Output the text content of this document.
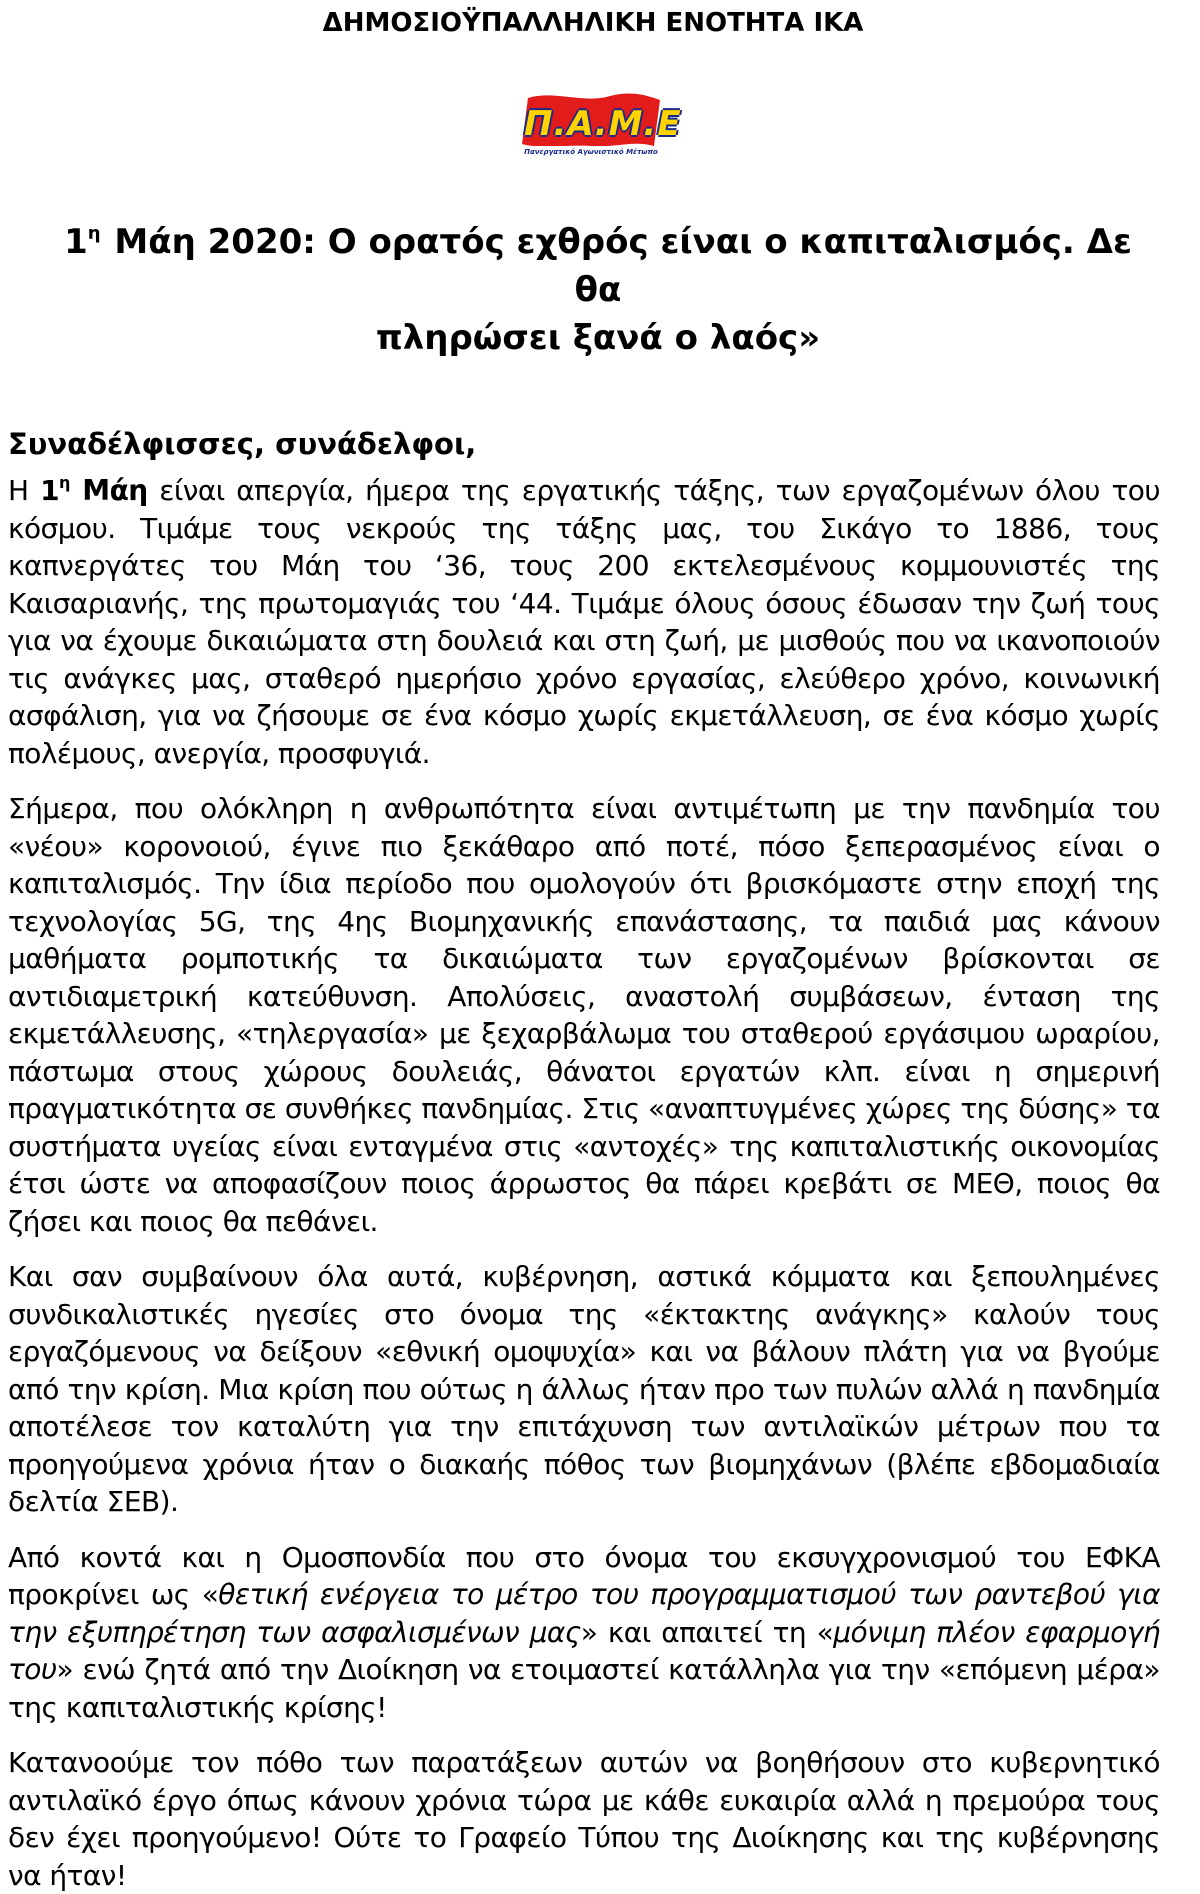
ΔΗΜΟΣΙΟΫΠΑΛΛΗΛΙΚΗ ΕΝΟΤΗΤΑ ΙΚΑ
Π.Α.Μ.Ε
Πανεργατικό Αγωνιστικό Μέτωπο
$1^\eta$ Μάη 2020: Ο ορατός εχθρός είναι ο καπιταλισμός. Δε θα
πληρώσει ξανά ο λαός»
Συναδέλφισσες, συνάδελφοι,

Η $1^\eta$ Μάη είναι απεργία, ήμερα της εργατικής τάξης, των εργαζομένων όλου του κόσμου. Τιμάμε τους νεκρούς της τάξης μας, του Σικάγο το 1886, τους καπνεργάτες του Μάη του ‘36, τους 200 εκτελεσμένους κομμουνιστές της Καισαριανής, της πρωτομαγιάς του ‘44. Τιμάμε όλους όσους έδωσαν την ζωή τους για να έχουμε δικαιώματα στη δουλειά και στη ζωή, με μισθούς που να ικανοποιούν τις ανάγκες μας, σταθερό ημερήσιο χρόνο εργασίας, ελεύθερο χρόνο, κοινωνική ασφάλιση, για να ζήσουμε σε ένα κόσμο χωρίς εκμετάλλευση, σε ένα κόσμο χωρίς πολέμους, ανεργία, προσφυγιά.

Σήμερα, που ολόκληρη η ανθρωπότητα είναι αντιμέτωπη με την πανδημία του «νέου» κορονοιού, έγινε πιο ξεκάθαρο από ποτέ, πόσο ξεπερασμένος είναι ο καπιταλισμός. Την ίδια περίοδο που ομολογούν ότι βρισκόμαστε στην εποχή της τεχνολογίας 5G, της 4ης Βιομηχανικής επανάστασης, τα παιδιά μας κάνουν μαθήματα ρομποτικής τα δικαιώματα των εργαζομένων βρίσκονται σε αντιδιαμετρική κατεύθυνση. Απολύσεις, αναστολή συμβάσεων, ένταση της εκμετάλλευσης, «τηλεργασία» με ξεχαρβάλωμα του σταθερού εργάσιμου ωραρίου, πάστωμα στους χώρους δουλειάς, θάνατοι εργατών κλπ. είναι η σημερινή πραγματικότητα σε συνθήκες πανδημίας. Στις «αναπτυγμένες χώρες της δύσης» τα συστήματα υγείας είναι ενταγμένα στις «αντοχές» της καπιταλιστικής οικονομίας έτσι ώστε να αποφασίζουν ποιος άρρωστος θα πάρει κρεβάτι σε ΜΕΘ, ποιος θα ζήσει και ποιος θα πεθάνει.

Και σαν συμβαίνουν όλα αυτά, κυβέρνηση, αστικά κόμματα και ξεπουλημένες συνδικαλιστικές ηγεσίες στο όνομα της «έκτακτης ανάγκης» καλούν τους εργαζόμενους να δείξουν «εθνική ομοψυχία» και να βάλουν πλάτη για να βγούμε από την κρίση. Μια κρίση που ούτως η άλλως ήταν προ των πυλών αλλά η πανδημία αποτέλεσε τον καταλύτη για την επιτάχυνση των αντιλαϊκών μέτρων που τα προηγούμενα χρόνια ήταν ο διακαής πόθος των βιομηχάνων (βλέπε εβδομαδιαία δελτία ΣΕΒ).

Από κοντά και η Ομοσπονδία που στο όνομα του εκσυγχρονισμού του ΕΦΚΑ προκρίνει ως «θετική ενέργεια το μέτρο του προγραμματισμού των ραντεβού για την εξυπηρέτηση των ασφαλισμένων μας» και απαιτεί τη «μόνιμη πλέον εφαρμογή του» ενώ ζητά από την Διοίκηση να ετοιμαστεί κατάλληλα για την «επόμενη μέρα» της καπιταλιστικής κρίσης!

Κατανοούμε τον πόθο των παρατάξεων αυτών να βοηθήσουν στο κυβερνητικό αντιλαϊκό έργο όπως κάνουν χρόνια τώρα με κάθε ευκαιρία αλλά η πρεμούρα τους δεν έχει προηγούμενο! Ούτε το Γραφείο Τύπου της Διοίκησης και της κυβέρνησης να ήταν!
